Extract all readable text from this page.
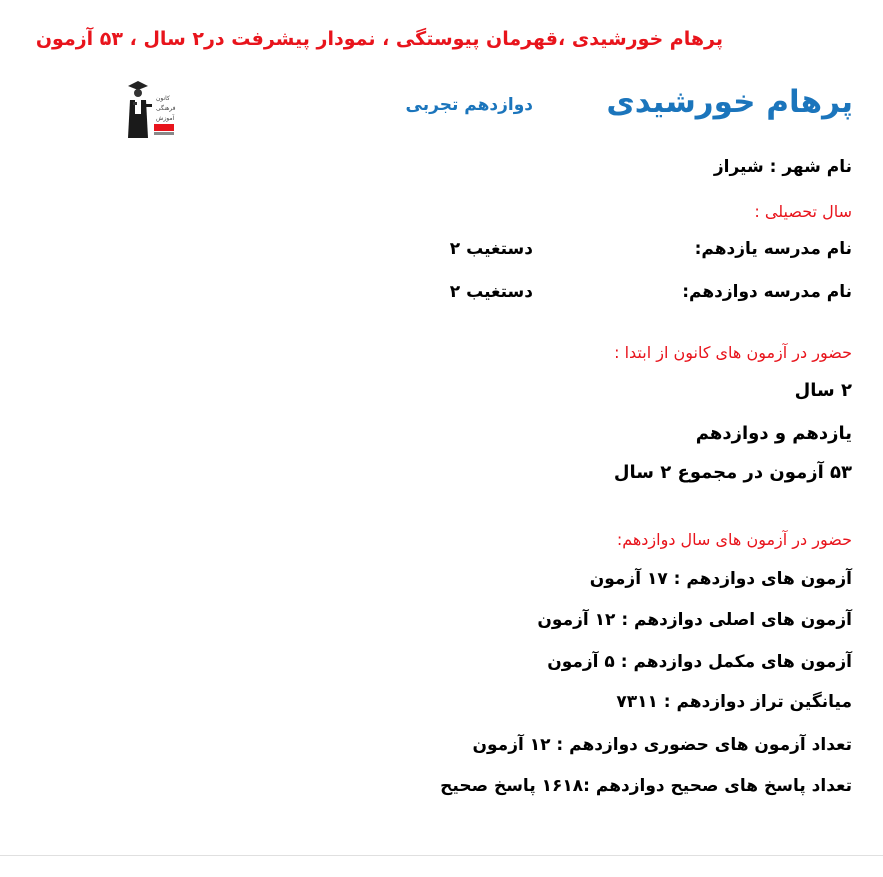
پرهام خورشیدی ،قهرمان پیوستگی ، نمودار پیشرفت در۲ سال ، ۵۳ آزمون
پرهام خورشیدی
دوازدهم تجربی
کانون
فرهنگی
آموزش
نام شهر : شیراز
سال تحصیلی :
نام مدرسه یازدهم:
دستغیب ۲
نام مدرسه دوازدهم:
دستغیب ۲
حضور در آزمون های کانون از ابتدا :
۲ سال
یازدهم و دوازدهم
۵۳ آزمون در مجموع ۲ سال
حضور در آزمون های سال دوازدهم:
آزمون های دوازدهم : ۱۷ آزمون
آزمون های اصلی دوازدهم : ۱۲ آزمون
آزمون های مکمل دوازدهم : ۵ آزمون
میانگین تراز دوازدهم : ۷۳۱۱
تعداد آزمون های حضوری دوازدهم : ۱۲ آزمون
تعداد پاسخ های صحیح دوازدهم :۱۶۱۸ پاسخ صحیح
